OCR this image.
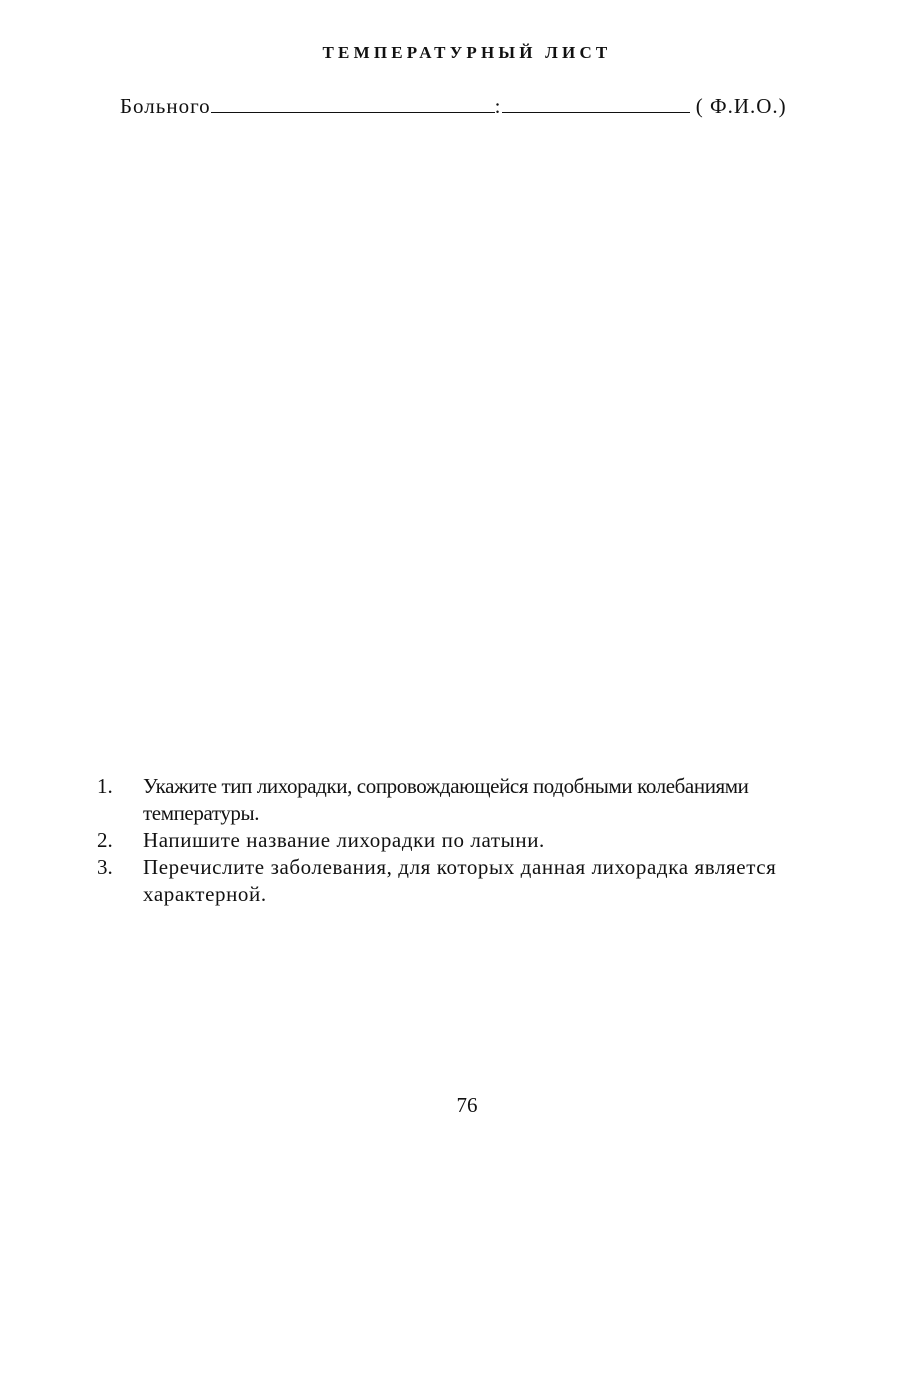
ТЕМПЕРАТУРНЫЙ ЛИСТ
Больного	:	( Ф.И.О.)
1.	Укажите тип лихорадки, сопровождающейся подобными колебаниями температуры.
2.	Напишите название лихорадки по латыни.
3.	Перечислите заболевания, для которых данная лихорадка является характерной.
76
